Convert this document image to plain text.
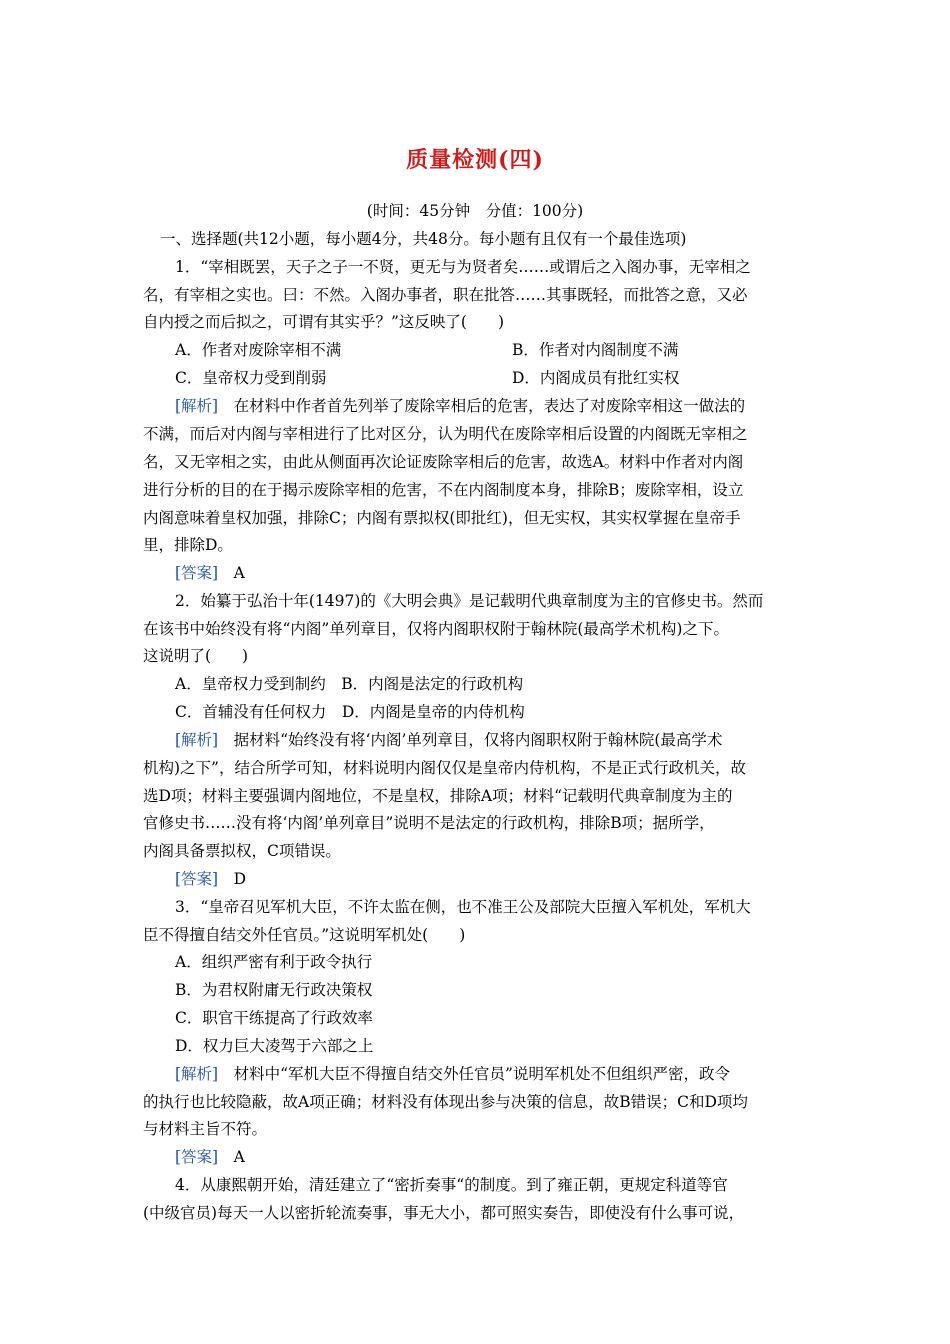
质量检测(四)
(时间：45分钟　分值：100分)
一、选择题(共12小题，每小题4分，共48分。每小题有且仅有一个最佳选项)
1．“宰相既罢，天子之子一不贤，更无与为贤者矣……或谓后之入阁办事，无宰相之
名，有宰相之实也。曰：不然。入阁办事者，职在批答……其事既轻，而批答之意，又必
自内授之而后拟之，可谓有其实乎？”这反映了(　　)
A．作者对废除宰相不满	B．作者对内阁制度不满
C．皇帝权力受到削弱	D．内阁成员有批红实权
[解析]　在材料中作者首先列举了废除宰相后的危害，表达了对废除宰相这一做法的
不满，而后对内阁与宰相进行了比对区分，认为明代在废除宰相后设置的内阁既无宰相之
名，又无宰相之实，由此从侧面再次论证废除宰相后的危害，故选A。材料中作者对内阁
进行分析的目的在于揭示废除宰相的危害，不在内阁制度本身，排除B；废除宰相，设立
内阁意味着皇权加强，排除C；内阁有票拟权(即批红)，但无实权，其实权掌握在皇帝手
里，排除D。
[答案]　A
2．始纂于弘治十年(1497)的《大明会典》是记载明代典章制度为主的官修史书。然而
在该书中始终没有将“内阁”单列章目，仅将内阁职权附于翰林院(最高学术机构)之下。
这说明了(　　)
A．皇帝权力受到制约　B．内阁是法定的行政机构
C．首辅没有任何权力　D．内阁是皇帝的内侍机构
[解析]　据材料“始终没有将‘内阁’单列章目，仅将内阁职权附于翰林院(最高学术
机构)之下”，结合所学可知，材料说明内阁仅仅是皇帝内侍机构，不是正式行政机关，故
选D项；材料主要强调内阁地位，不是皇权，排除A项；材料“记载明代典章制度为主的
官修史书……没有将‘内阁’单列章目”说明不是法定的行政机构，排除B项；据所学，
内阁具备票拟权，C项错误。
[答案]　D
3．“皇帝召见军机大臣，不许太监在侧，也不准王公及部院大臣擅入军机处，军机大
臣不得擅自结交外任官员。”这说明军机处(　　)
A．组织严密有利于政令执行
B．为君权附庸无行政决策权
C．职官干练提高了行政效率
D．权力巨大凌驾于六部之上
[解析]　材料中“军机大臣不得擅自结交外任官员”说明军机处不但组织严密，政令
的执行也比较隐蔽，故A项正确；材料没有体现出参与决策的信息，故B错误；C和D项均
与材料主旨不符。
[答案]　A
4．从康熙朝开始，清廷建立了“密折奏事“的制度。到了雍正朝，更规定科道等官
(中级官员)每天一人以密折轮流奏事，事无大小，都可照实奏告，即使没有什么事可说，
